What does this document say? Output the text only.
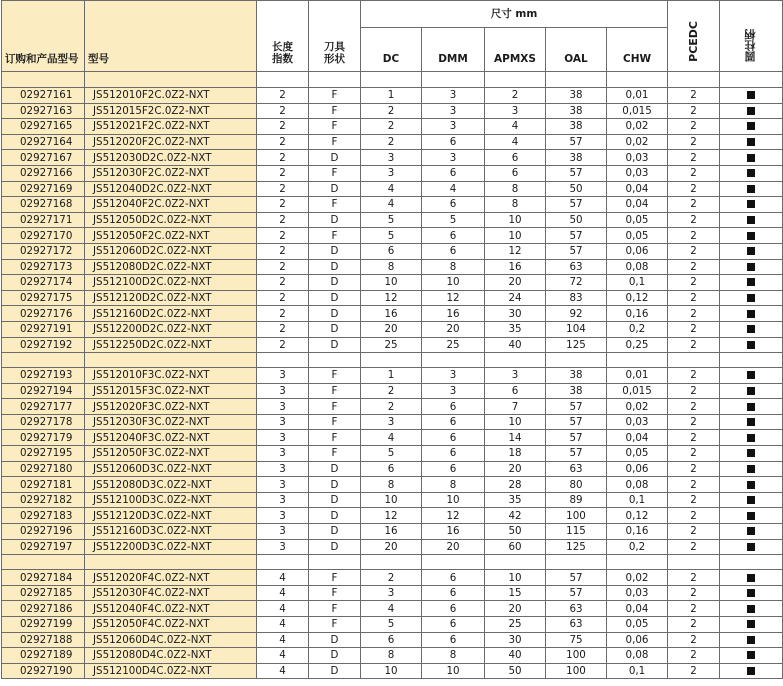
订购和产品型号	型号	长度
指数	刀具
形状	尺寸 mm					PCEDC	圆柱柄
				DC	DMM	APMXS	OAL	CHW		

02927161	JS512010F2C.0Z2-NXT	2	F	1	3	2	38	0,01	2	
02927163	JS512015F2C.0Z2-NXT	2	F	2	3	3	38	0,015	2	
02927165	JS512021F2C.0Z2-NXT	2	F	2	3	4	38	0,02	2	
02927164	JS512020F2C.0Z2-NXT	2	F	2	6	4	57	0,02	2	
02927167	JS512030D2C.0Z2-NXT	2	D	3	3	6	38	0,03	2	
02927166	JS512030F2C.0Z2-NXT	2	F	3	6	6	57	0,03	2	
02927169	JS512040D2C.0Z2-NXT	2	D	4	4	8	50	0,04	2	
02927168	JS512040F2C.0Z2-NXT	2	F	4	6	8	57	0,04	2	
02927171	JS512050D2C.0Z2-NXT	2	D	5	5	10	50	0,05	2	
02927170	JS512050F2C.0Z2-NXT	2	F	5	6	10	57	0,05	2	
02927172	JS512060D2C.0Z2-NXT	2	D	6	6	12	57	0,06	2	
02927173	JS512080D2C.0Z2-NXT	2	D	8	8	16	63	0,08	2	
02927174	JS512100D2C.0Z2-NXT	2	D	10	10	20	72	0,1	2	
02927175	JS512120D2C.0Z2-NXT	2	D	12	12	24	83	0,12	2	
02927176	JS512160D2C.0Z2-NXT	2	D	16	16	30	92	0,16	2	
02927191	JS512200D2C.0Z2-NXT	2	D	20	20	35	104	0,2	2	
02927192	JS512250D2C.0Z2-NXT	2	D	25	25	40	125	0,25	2	

02927193	JS512010F3C.0Z2-NXT	3	F	1	3	3	38	0,01	2	
02927194	JS512015F3C.0Z2-NXT	3	F	2	3	6	38	0,015	2	
02927177	JS512020F3C.0Z2-NXT	3	F	2	6	7	57	0,02	2	
02927178	JS512030F3C.0Z2-NXT	3	F	3	6	10	57	0,03	2	
02927179	JS512040F3C.0Z2-NXT	3	F	4	6	14	57	0,04	2	
02927195	JS512050F3C.0Z2-NXT	3	F	5	6	18	57	0,05	2	
02927180	JS512060D3C.0Z2-NXT	3	D	6	6	20	63	0,06	2	
02927181	JS512080D3C.0Z2-NXT	3	D	8	8	28	80	0,08	2	
02927182	JS512100D3C.0Z2-NXT	3	D	10	10	35	89	0,1	2	
02927183	JS512120D3C.0Z2-NXT	3	D	12	12	42	100	0,12	2	
02927196	JS512160D3C.0Z2-NXT	3	D	16	16	50	115	0,16	2	
02927197	JS512200D3C.0Z2-NXT	3	D	20	20	60	125	0,2	2	

02927184	JS512020F4C.0Z2-NXT	4	F	2	6	10	57	0,02	2	
02927185	JS512030F4C.0Z2-NXT	4	F	3	6	15	57	0,03	2	
02927186	JS512040F4C.0Z2-NXT	4	F	4	6	20	63	0,04	2	
02927199	JS512050F4C.0Z2-NXT	4	F	5	6	25	63	0,05	2	
02927188	JS512060D4C.0Z2-NXT	4	D	6	6	30	75	0,06	2	
02927189	JS512080D4C.0Z2-NXT	4	D	8	8	40	100	0,08	2	
02927190	JS512100D4C.0Z2-NXT	4	D	10	10	50	100	0,1	2	
